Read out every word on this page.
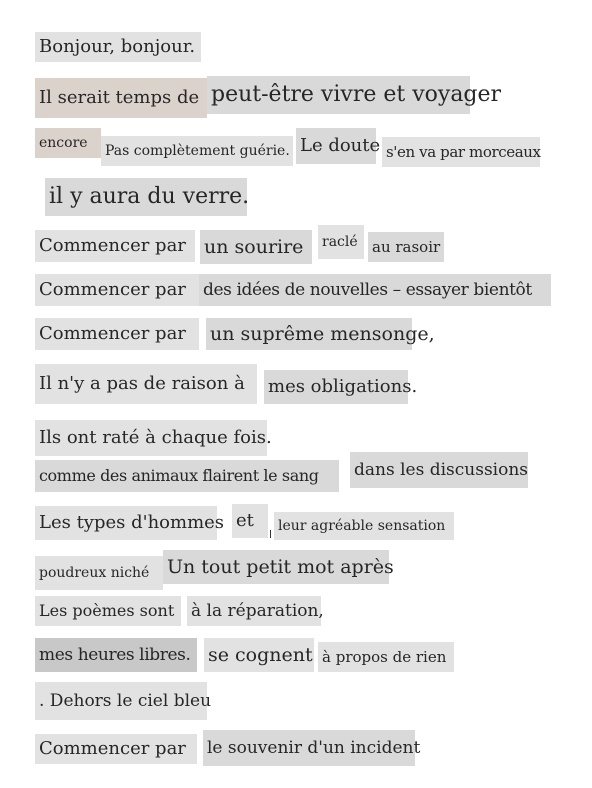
Bonjour, bonjour.
Il serait temps de peut-être vivre et voyager
encore	Pas complètement guérie. Le doute s'en va par morceaux
il y aura du verre.
Commencer par un sourire	raclé au rasoir
Commencer par	des idées de nouvelles – essayer bientôt
Commencer par	un suprême mensonge,
Il n'y a pas de raison à	mes obligations.
Ils ont raté à chaque fois.
comme des animaux flairent le sang	dans les discussions
Les types d'hommes et	leur agréable sensation
poudreux niché Un tout petit mot après
Les poèmes sont à la réparation,
mes heures libres. se cognent à propos de rien
. Dehors le ciel bleu
Commencer par	le souvenir d'un incident
